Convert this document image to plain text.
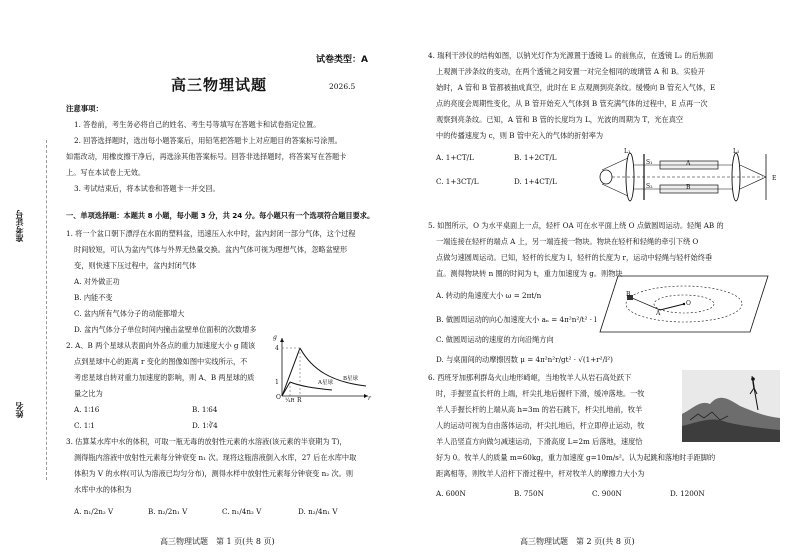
准考证号
姓名
试卷类型：A
高三物理试题	2026.5
注意事项：
1. 答卷前，考生务必将自己的姓名、考生号等填写在答题卡和试卷指定位置。
2. 回答选择题时，选出每小题答案后，用铅笔把答题卡上对应题目的答案标号涂黑。
如需改动，用橡皮擦干净后，再选涂其他答案标号。回答非选择题时，将答案写在答题卡
上。写在本试卷上无效。
3. 考试结束后，将本试卷和答题卡一并交回。
一、单项选择题：本题共 8 小题，每小题 3 分，共 24 分。每小题只有一个选项符合题目要求。
1. 将一个盆口朝下漂浮在水面的塑料盆，迅速压入水中时，盆内封闭一部分气体，这个过程
时间较短，可认为盆内气体与外界无热量交换。盆内气体可视为理想气体，忽略盆壁形
变，则快速下压过程中，盆内封闭气体
A. 对外做正功
B. 内能不变
C. 盆内所有气体分子的动能都增大
D. 盆内气体分子单位时间内撞击盆壁单位面积的次数增多
2. A、B 两个星球从表面向外各点的重力加速度大小 g 随该
点到星球中心的距离 r 变化的图像如图中实线所示，不
考虑星球自转对重力加速度的影响，则 A、B 两星球的质
量之比为
A. 1∶16	B. 1∶64
C. 1∶1	D. 1∶∛4
g
4
1
O ¼R R	r
A星球
B星球
3. 估算某水库中水的体积，可取一瓶无毒的放射性元素的水溶液(该元素的半衰期为 T)，
测得瓶内溶液中放射性元素每分钟衰变 n₁ 次。现将这瓶溶液倒入水库，27 后在水库中取
体积为 V 的水样(可认为溶液已均匀分布)，测得水样中放射性元素每分钟衰变 n₂ 次。则
水库中水的体积为
A. n₁/2n₂ V	B. n₂/2n₁ V	C. n₁/4n₂ V	D. n₂/4n₁ V
高三物理试题　第 1 页(共 8 页)
4. 瑞利干涉仪的结构如图，以钠光灯作为光源置于透镜 L₁ 的前焦点，在透镜 L₂ 的后焦面
上观测干涉条纹的变动，在两个透镜之间安置一对完全相同的玻璃管 A 和 B。实验开
始时，A 管和 B 管都被抽成真空，此时在 E 点观测到亮条纹。缓慢向 B 管充入气体，E
点的亮度会周期性变化，从 B 管开始充入气体到 B 管充满气体的过程中，E 点再一次
观察到亮条纹。已知，A 管和 B 管的长度均为 L，光波的周期为 T，光在真空
中的传播速度为 c，则 B 管中充入的气体的折射率为
A. 1+CT/L	B. 1+2CT/L
C. 1+3CT/L	D. 1+4CT/L
L₁	L₂
S₁
S₂
A
B
E
5. 如图所示，O 为水平桌面上一点，轻杆 OA 可在水平面上绕 O 点做圆周运动。轻绳 AB 的
一端连接在轻杆的端点 A 上，另一端连接一物块。物块在轻杆和轻绳的牵引下绕 O
点做匀速圆周运动。已知，轻杆的长度为 l，轻杆的长度为 r，运动中轻绳与轻杆始终垂
直。测得物块转 n 圈的时间为 t，重力加速度为 g。则物块
A. 转动的角速度大小 ω = 2πt/n
B. 做圆周运动的向心加速度大小 aₙ = 4π²n²/t² · l
C. 做圆周运动的速度的方向沿绳方向
D. 与桌面间的动摩擦因数 μ = 4π²n²r/gt² · √(1+r²/l²)
O
A
B
6. 西班牙加那利群岛火山地形崎岖，当地牧羊人从岩石高处跃下
时，手握竖直长杆的上端，杆尖扎地后握杆下滑，缓冲落地。一牧
羊人手握长杆的上端从高 h=3m 的岩石跳下，杆尖扎地前，牧羊
人的运动可视为自由落体运动，杆尖扎地后，杆立即停止运动，牧
羊人沿竖直方向做匀减速运动，下滑高度 L=2m 后落地，速度恰
好为 0。牧羊人的质量 m=60kg，重力加速度 g=10m/s²。认为起跳和落地时手距脚的
距离相等，则牧羊人沿杆下滑过程中，杆对牧羊人的摩擦力大小为
A. 600N	B. 750N	C. 900N	D. 1200N
高三物理试题　第 2 页(共 8 页)
